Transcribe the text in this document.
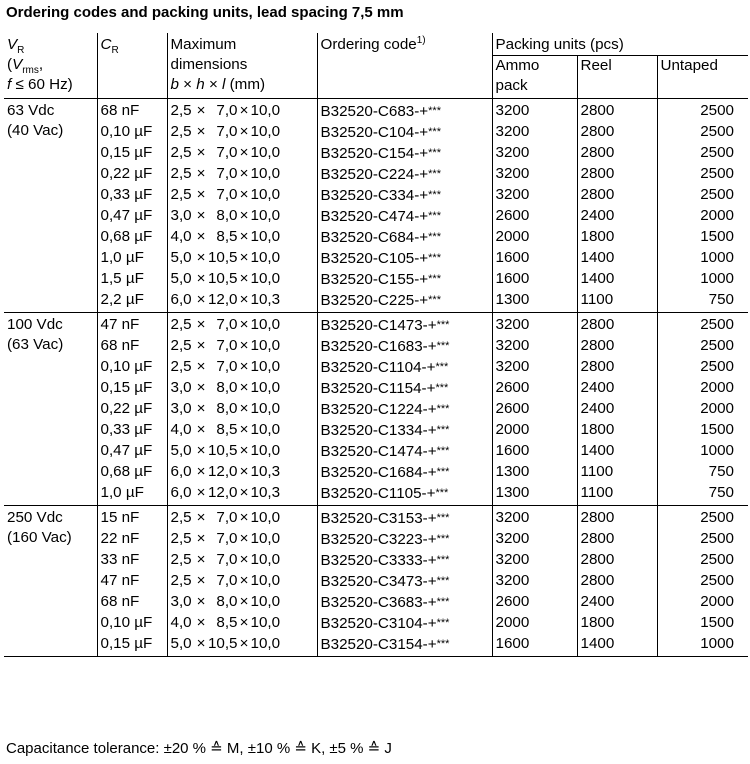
Ordering codes and packing units, lead spacing 7,5 mm
$V_R$
($V_{rms}$,
f ≤ 60 Hz)	$C_R$	Maximum
dimensions
b × h × l (mm)	Ordering code$^{1)}$	Packing units (pcs)		
				Ammo
pack	Reel	Untaped
63 Vdc
(40 Vac)	68 nF	2,5 × 7,0 × 10,0	B32520-C683-+***	3200	2800	2500
	0,10 µF	2,5 × 7,0 × 10,0	B32520-C104-+***	3200	2800	2500
	0,15 µF	2,5 × 7,0 × 10,0	B32520-C154-+***	3200	2800	2500
	0,22 µF	2,5 × 7,0 × 10,0	B32520-C224-+***	3200	2800	2500
	0,33 µF	2,5 × 7,0 × 10,0	B32520-C334-+***	3200	2800	2500
	0,47 µF	3,0 × 8,0 × 10,0	B32520-C474-+***	2600	2400	2000
	0,68 µF	4,0 × 8,5 × 10,0	B32520-C684-+***	2000	1800	1500
	1,0 µF	5,0 × 10,5 × 10,0	B32520-C105-+***	1600	1400	1000
	1,5 µF	5,0 × 10,5 × 10,0	B32520-C155-+***	1600	1400	1000
	2,2 µF	6,0 × 12,0 × 10,3	B32520-C225-+***	1300	1100	750
100 Vdc
(63 Vac)	47 nF	2,5 × 7,0 × 10,0	B32520-C1473-+***	3200	2800	2500
	68 nF	2,5 × 7,0 × 10,0	B32520-C1683-+***	3200	2800	2500
	0,10 µF	2,5 × 7,0 × 10,0	B32520-C1104-+***	3200	2800	2500
	0,15 µF	3,0 × 8,0 × 10,0	B32520-C1154-+***	2600	2400	2000
	0,22 µF	3,0 × 8,0 × 10,0	B32520-C1224-+***	2600	2400	2000
	0,33 µF	4,0 × 8,5 × 10,0	B32520-C1334-+***	2000	1800	1500
	0,47 µF	5,0 × 10,5 × 10,0	B32520-C1474-+***	1600	1400	1000
	0,68 µF	6,0 × 12,0 × 10,3	B32520-C1684-+***	1300	1100	750
	1,0 µF	6,0 × 12,0 × 10,3	B32520-C1105-+***	1300	1100	750
250 Vdc
(160 Vac)	15 nF	2,5 × 7,0 × 10,0	B32520-C3153-+***	3200	2800	2500
	22 nF	2,5 × 7,0 × 10,0	B32520-C3223-+***	3200	2800	2500
	33 nF	2,5 × 7,0 × 10,0	B32520-C3333-+***	3200	2800	2500
	47 nF	2,5 × 7,0 × 10,0	B32520-C3473-+***	3200	2800	2500
	68 nF	3,0 × 8,0 × 10,0	B32520-C3683-+***	2600	2400	2000
	0,10 µF	4,0 × 8,5 × 10,0	B32520-C3104-+***	2000	1800	1500
	0,15 µF	5,0 × 10,5 × 10,0	B32520-C3154-+***	1600	1400	1000
Capacitance tolerance: ±20 % ≙ M, ±10 % ≙ K, ±5 % ≙ J
